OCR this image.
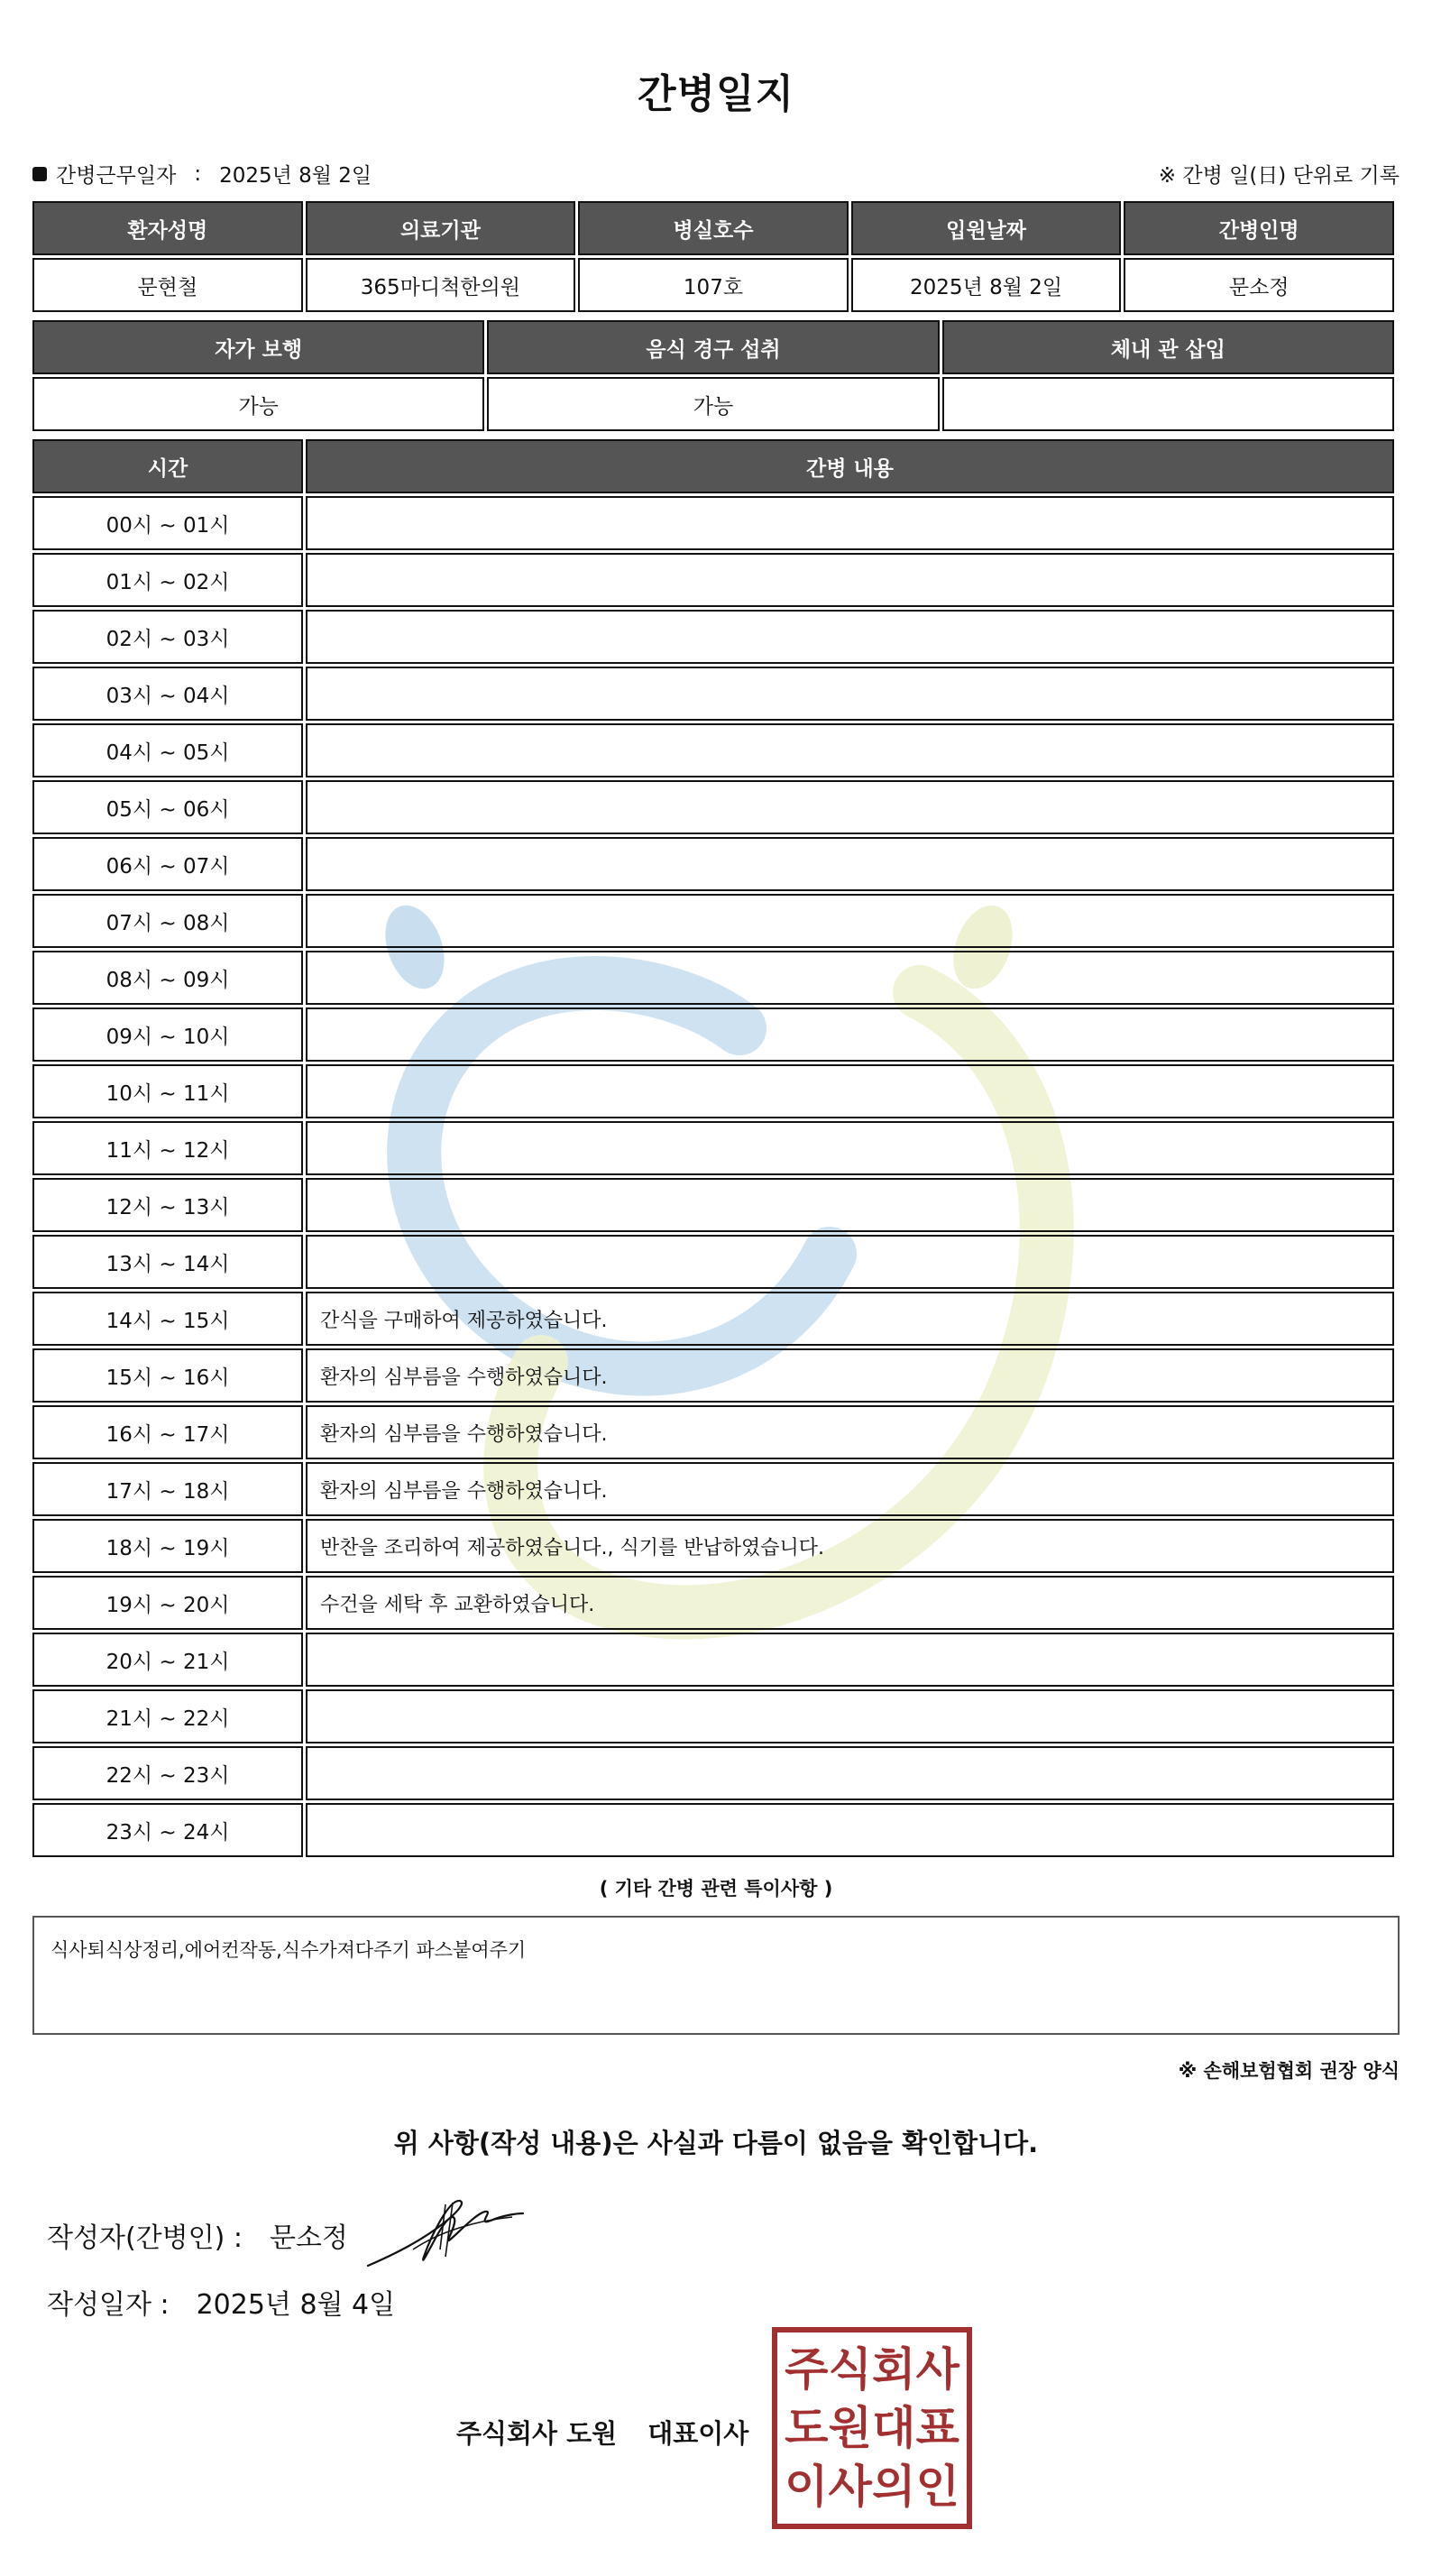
간병일지
간병근무일자 : 2025년 8월 2일	※ 간병 일(日) 단위로 기록
환자성명	의료기관	병실호수	입원날짜	간병인명
문현철	365마디척한의원	107호	2025년 8월 2일	문소정
자가 보행	음식 경구 섭취	체내 관 삽입
가능	가능	
시간	간병 내용
00시 ~ 01시	
01시 ~ 02시	
02시 ~ 03시	
03시 ~ 04시	
04시 ~ 05시	
05시 ~ 06시	
06시 ~ 07시	
07시 ~ 08시	
08시 ~ 09시	
09시 ~ 10시	
10시 ~ 11시	
11시 ~ 12시	
12시 ~ 13시	
13시 ~ 14시	
14시 ~ 15시	간식을 구매하여 제공하였습니다.
15시 ~ 16시	환자의 심부름을 수행하였습니다.
16시 ~ 17시	환자의 심부름을 수행하였습니다.
17시 ~ 18시	환자의 심부름을 수행하였습니다.
18시 ~ 19시	반찬을 조리하여 제공하였습니다., 식기를 반납하였습니다.
19시 ~ 20시	수건을 세탁 후 교환하였습니다.
20시 ~ 21시	
21시 ~ 22시	
22시 ~ 23시	
23시 ~ 24시	
( 기타 간병 관련 특이사항 )
식사퇴식상정리,에어컨작동,식수가져다주기 파스붙여주기
※ 손해보험협회 권장 양식
위 사항(작성 내용)은 사실과 다름이 없음을 확인합니다.
작성자(간병인) : 문소정
작성일자 : 2025년 8월 4일
주식회사 도원 대표이사
주 식 회 사
도 원 대 표
이 사 의 인
